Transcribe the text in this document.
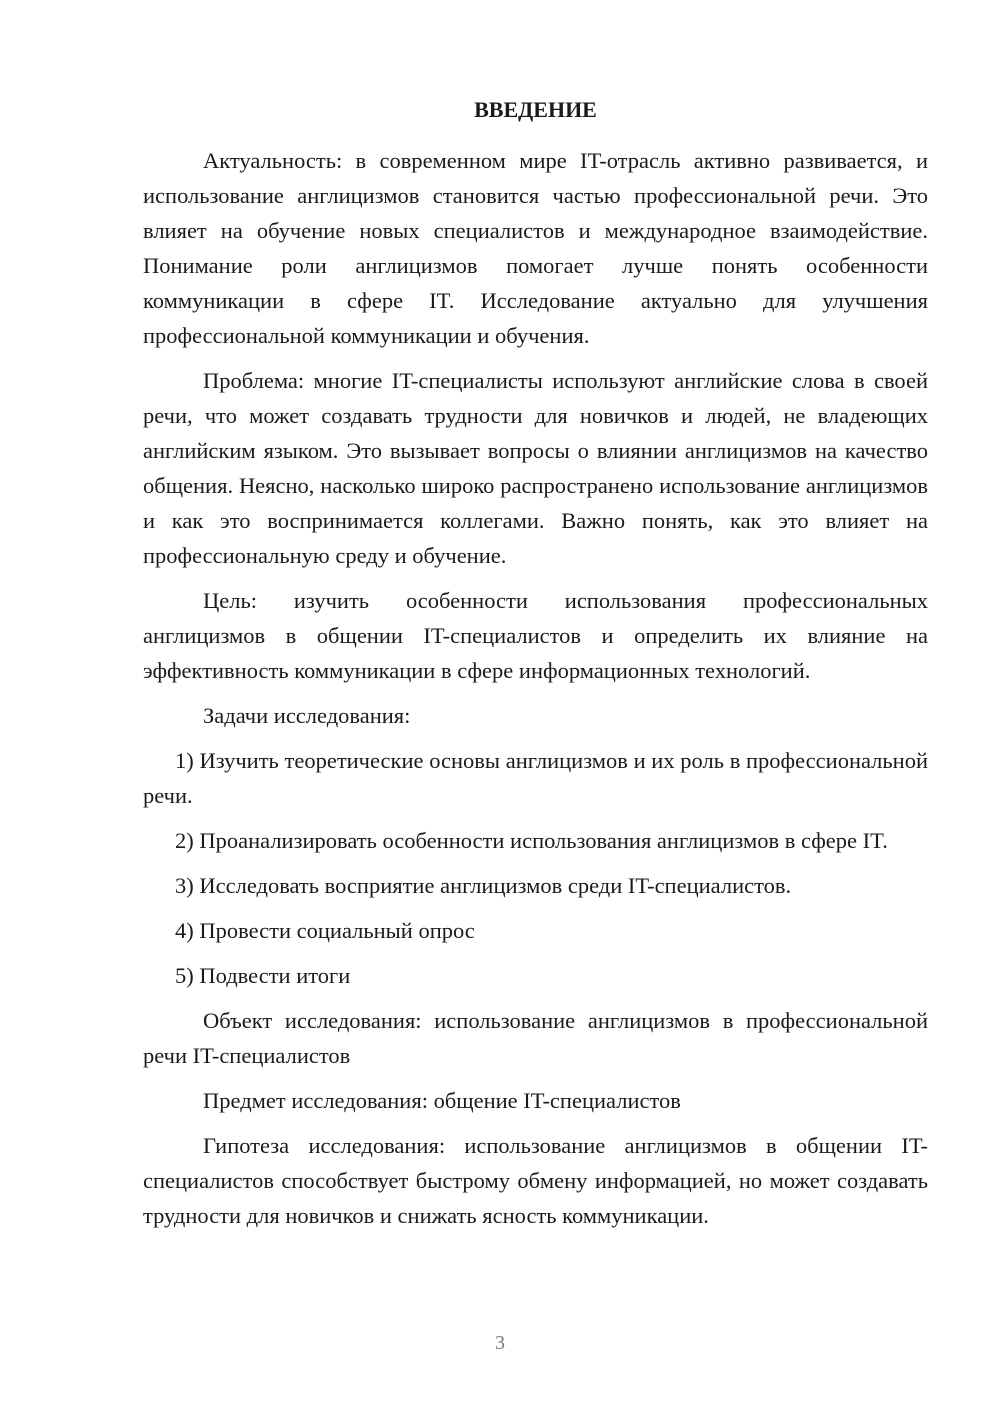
ВВЕДЕНИЕ

Актуальность: в современном мире IT-отрасль активно развивается, и использование англицизмов становится частью профессиональной речи. Это влияет на обучение новых специалистов и международное взаимодействие. Понимание роли англицизмов помогает лучше понять особенности коммуникации в сфере IT. Исследование актуально для улучшения профессиональной коммуникации и обучения.

Проблема: многие IT-специалисты используют английские слова в своей речи, что может создавать трудности для новичков и людей, не владеющих английским языком. Это вызывает вопросы о влиянии англицизмов на качество общения. Неясно, насколько широко распространено использование англицизмов и как это воспринимается коллегами. Важно понять, как это влияет на профессиональную среду и обучение.

Цель: изучить особенности использования профессиональных англицизмов в общении IT-специалистов и определить их влияние на эффективность коммуникации в сфере информационных технологий.

Задачи исследования:

1) Изучить теоретические основы англицизмов и их роль в профессиональной речи.

2) Проанализировать особенности использования англицизмов в сфере IT.

3) Исследовать восприятие англицизмов среди IT-специалистов.

4) Провести социальный опрос

5) Подвести итоги

Объект исследования: использование англицизмов в профессиональной речи IT-специалистов

Предмет исследования: общение IT-специалистов

Гипотеза исследования: использование англицизмов в общении IT-специалистов способствует быстрому обмену информацией, но может создавать трудности для новичков и снижать ясность коммуникации.

3
